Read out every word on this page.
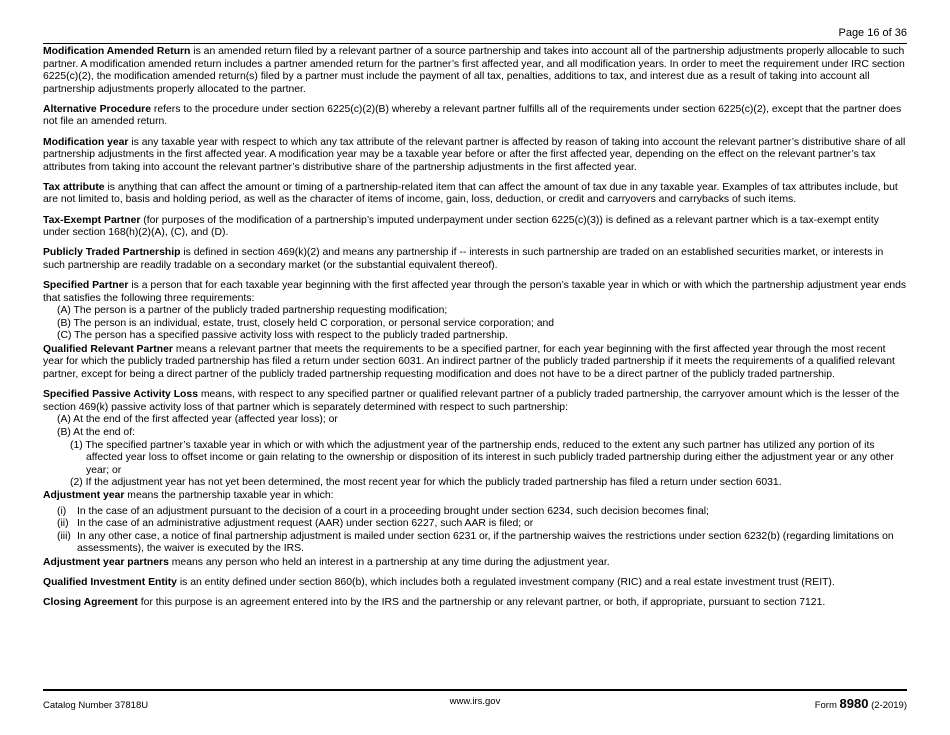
Page 16 of 36

Modification Amended Return is an amended return filed by a relevant partner of a source partnership and takes into account all of the partnership adjustments properly allocable to such partner. A modification amended return includes a partner amended return for the partner’s first affected year, and all modification years. In order to meet the requirement under IRC section 6225(c)(2), the modification amended return(s) filed by a partner must include the payment of all tax, penalties, additions to tax, and interest due as a result of taking into account all partnership adjustments properly allocated to the partner.

Alternative Procedure refers to the procedure under section 6225(c)(2)(B) whereby a relevant partner fulfills all of the requirements under section 6225(c)(2), except that the partner does not file an amended return.

Modification year is any taxable year with respect to which any tax attribute of the relevant partner is affected by reason of taking into account the relevant partner’s distributive share of all partnership adjustments in the first affected year. A modification year may be a taxable year before or after the first affected year, depending on the effect on the relevant partner’s tax attributes from taking into account the relevant partner’s distributive share of the partnership adjustments in the first affected year.

Tax attribute is anything that can affect the amount or timing of a partnership-related item that can affect the amount of tax due in any taxable year. Examples of tax attributes include, but are not limited to, basis and holding period, as well as the character of items of income, gain, loss, deduction, or credit and carryovers and carrybacks of such items.

Tax-Exempt Partner (for purposes of the modification of a partnership’s imputed underpayment under section 6225(c)(3)) is defined as a relevant partner which is a tax-exempt entity under section 168(h)(2)(A), (C), and (D).

Publicly Traded Partnership is defined in section 469(k)(2) and means any partnership if -- interests in such partnership are traded on an established securities market, or interests in such partnership are readily tradable on a secondary market (or the substantial equivalent thereof).

Specified Partner is a person that for each taxable year beginning with the first affected year through the person’s taxable year in which or with which the partnership adjustment year ends that satisfies the following three requirements:

(A) The person is a partner of the publicly traded partnership requesting modification;
(B) The person is an individual, estate, trust, closely held C corporation, or personal service corporation; and
(C) The person has a specified passive activity loss with respect to the publicly traded partnership.

Qualified Relevant Partner means a relevant partner that meets the requirements to be a specified partner, for each year beginning with the first affected year through the most recent year for which the publicly traded partnership has filed a return under section 6031. An indirect partner of the publicly traded partnership if it meets the requirements of a qualified relevant partner, except for being a direct partner of the publicly traded partnership requesting modification and does not have to be a direct partner of the publicly traded partnership.

Specified Passive Activity Loss means, with respect to any specified partner or qualified relevant partner of a publicly traded partnership, the carryover amount which is the lesser of the section 469(k) passive activity loss of that partner which is separately determined with respect to such partnership:

(A) At the end of the first affected year (affected year loss); or
(B) At the end of:
(1) The specified partner’s taxable year in which or with which the adjustment year of the partnership ends, reduced to the extent any such partner has utilized any portion of its affected year loss to offset income or gain relating to the ownership or disposition of its interest in such publicly traded partnership during either the adjustment year or any other year; or
(2) If the adjustment year has not yet been determined, the most recent year for which the publicly traded partnership has filed a return under section 6031.

Adjustment year means the partnership taxable year in which:

(i)	In the case of an adjustment pursuant to the decision of a court in a proceeding brought under section 6234, such decision becomes final;
(ii) In the case of an administrative adjustment request (AAR) under section 6227, such AAR is filed; or
(iii) In any other case, a notice of final partnership adjustment is mailed under section 6231 or, if the partnership waives the restrictions under section 6232(b) (regarding limitations on assessments), the waiver is executed by the IRS.

Adjustment year partners means any person who held an interest in a partnership at any time during the adjustment year.

Qualified Investment Entity is an entity defined under section 860(b), which includes both a regulated investment company (RIC) and a real estate investment trust (REIT).

Closing Agreement for this purpose is an agreement entered into by the IRS and the partnership or any relevant partner, or both, if appropriate, pursuant to section 7121.

Catalog Number 37818U	www.irs.gov	Form 8980 (2-2019)
